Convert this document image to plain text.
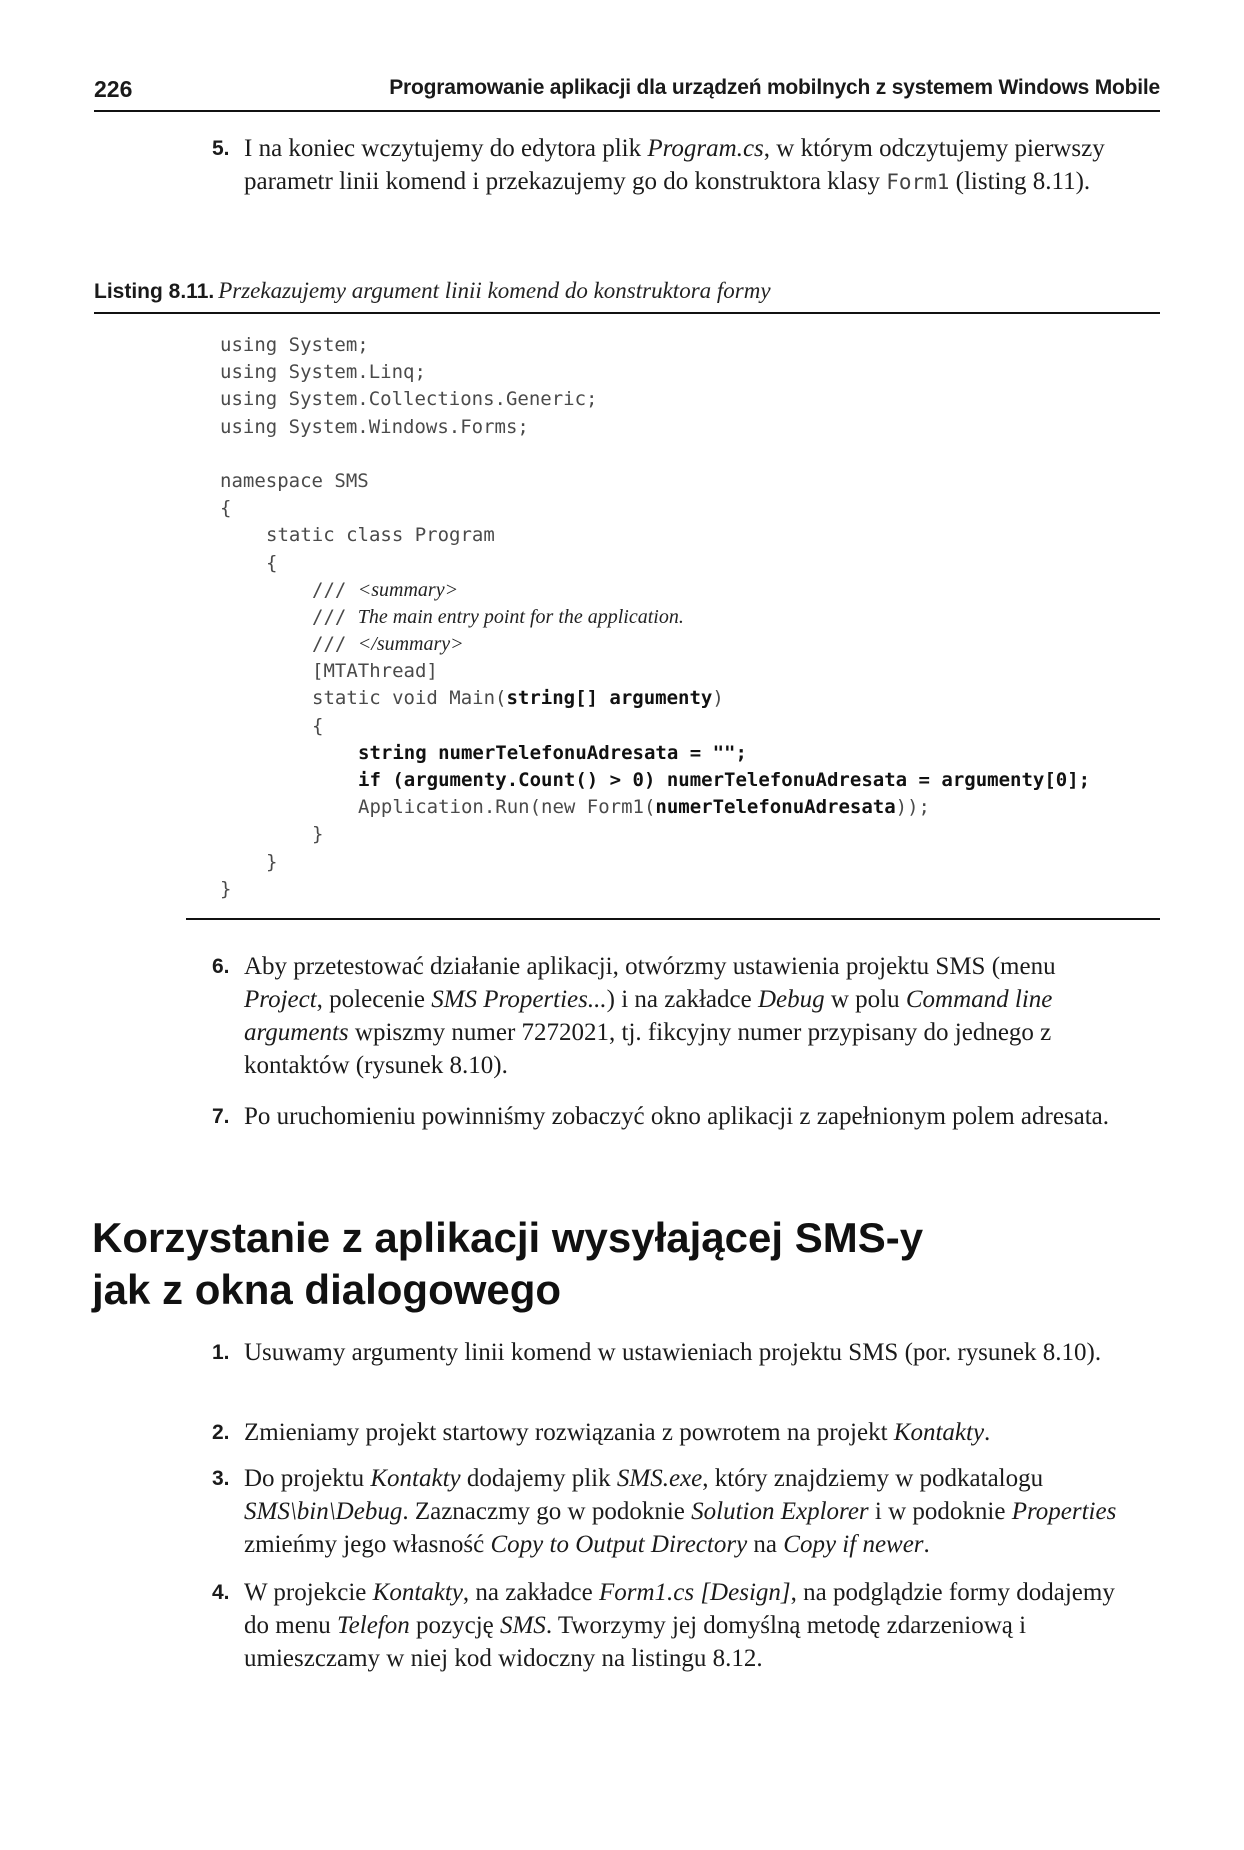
226	Programowanie aplikacji dla urządzeń mobilnych z systemem Windows Mobile
5. I na koniec wczytujemy do edytora plik Program.cs, w którym odczytujemy pierwszy parametr linii komend i przekazujemy go do konstruktora klasy Form1 (listing 8.11).
Listing 8.11. Przekazujemy argument linii komend do konstruktora formy
using System;
using System.Linq;
using System.Collections.Generic;
using System.Windows.Forms;
namespace SMS
{
static class Program
{
/// <summary>
/// The main entry point for the application.
/// </summary>
[MTAThread]
static void Main(string[] argumenty)
{
string numerTelefonuAdresata = "";
if (argumenty.Count() > 0) numerTelefonuAdresata = argumenty[0];
Application.Run(new Form1(numerTelefonuAdresata));
}
}
}
6. Aby przetestować działanie aplikacji, otwórzmy ustawienia projektu SMS (menu Project, polecenie SMS Properties...) i na zakładce Debug w polu Command line arguments wpiszmy numer 7272021, tj. fikcyjny numer przypisany do jednego z kontaktów (rysunek 8.10).
7. Po uruchomieniu powinniśmy zobaczyć okno aplikacji z zapełnionym polem adresata.
Korzystanie z aplikacji wysyłającej SMS-y
jak z okna dialogowego
1. Usuwamy argumenty linii komend w ustawieniach projektu SMS (por. rysunek 8.10).
2. Zmieniamy projekt startowy rozwiązania z powrotem na projekt Kontakty.
3. Do projektu Kontakty dodajemy plik SMS.exe, który znajdziemy w podkatalogu SMS\bin\Debug. Zaznaczmy go w podoknie Solution Explorer i w podoknie Properties zmieńmy jego własność Copy to Output Directory na Copy if newer.
4. W projekcie Kontakty, na zakładce Form1.cs [Design], na podglądzie formy dodajemy do menu Telefon pozycję SMS. Tworzymy jej domyślną metodę zdarzeniową i umieszczamy w niej kod widoczny na listingu 8.12.
